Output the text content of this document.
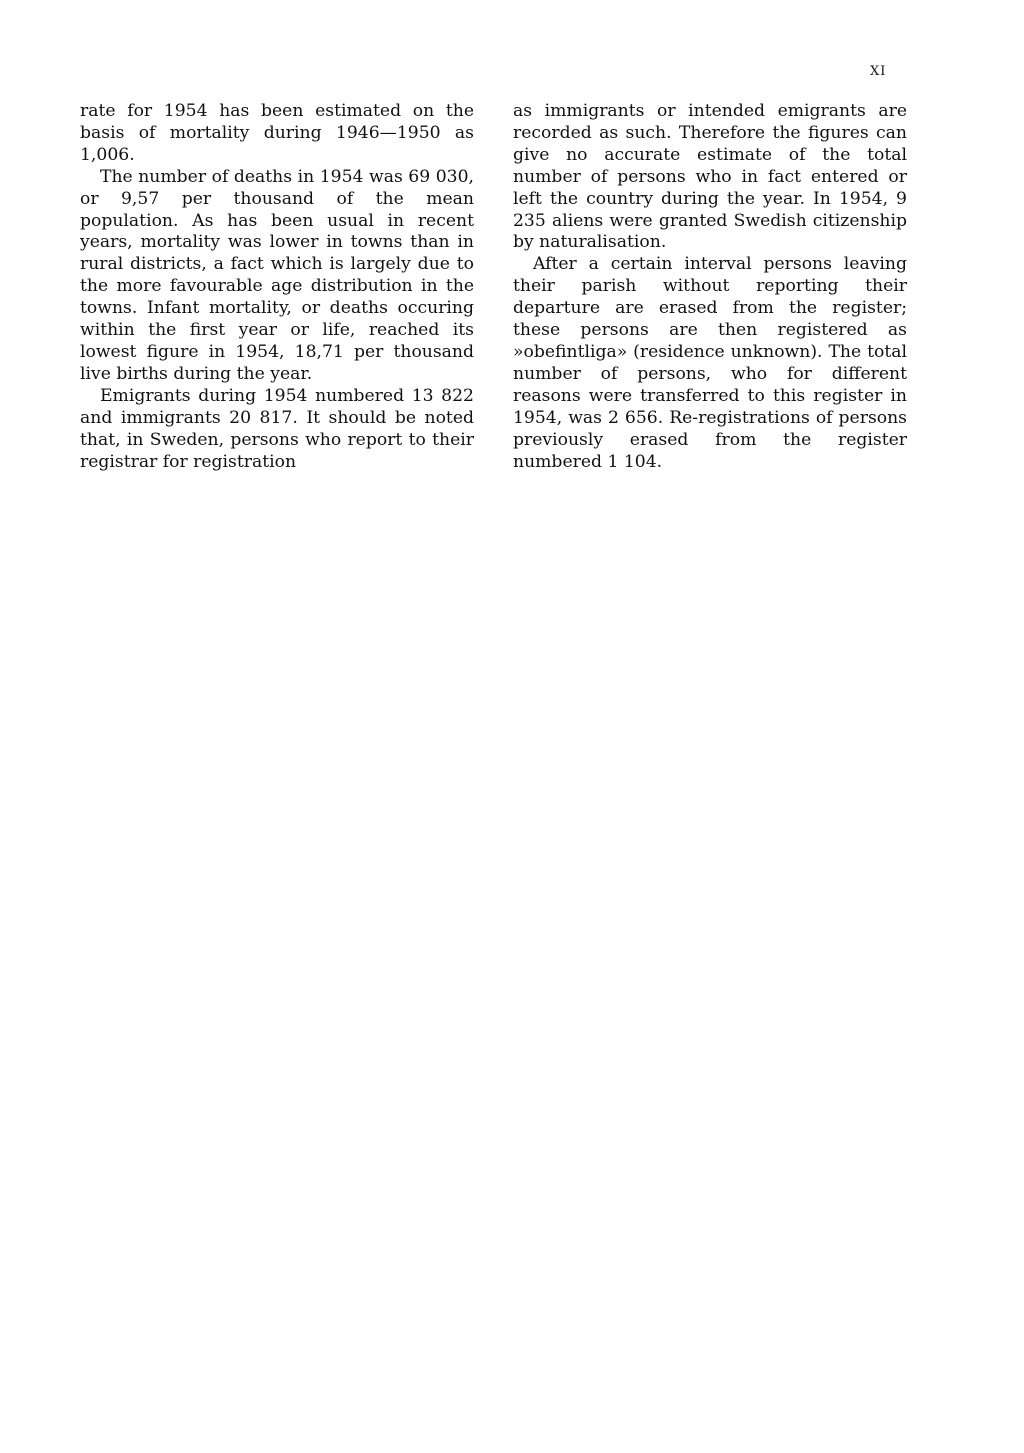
XI

rate for 1954 has been estimated on the basis of mortality during 1946—1950 as 1,006.

The number of deaths in 1954 was 69 030, or 9,57 per thousand of the mean population. As has been usual in recent years, mortality was lower in towns than in rural districts, a fact which is largely due to the more favourable age distribution in the towns. Infant mortality, or deaths occuring within the first year or life, reached its lowest figure in 1954, 18,71 per thousand live births during the year.

Emigrants during 1954 numbered 13 822 and immigrants 20 817. It should be noted that, in Sweden, persons who report to their registrar for registration

as immigrants or intended emigrants are recorded as such. Therefore the figures can give no accurate estimate of the total number of persons who in fact entered or left the country during the year. In 1954, 9 235 aliens were granted Swedish citizenship by naturalisation.

After a certain interval persons leaving their parish without reporting their departure are erased from the register; these persons are then registered as »obefintliga» (residence unknown). The total number of persons, who for different reasons were transferred to this register in 1954, was 2 656. Re-registrations of persons previously erased from the register numbered 1 104.
